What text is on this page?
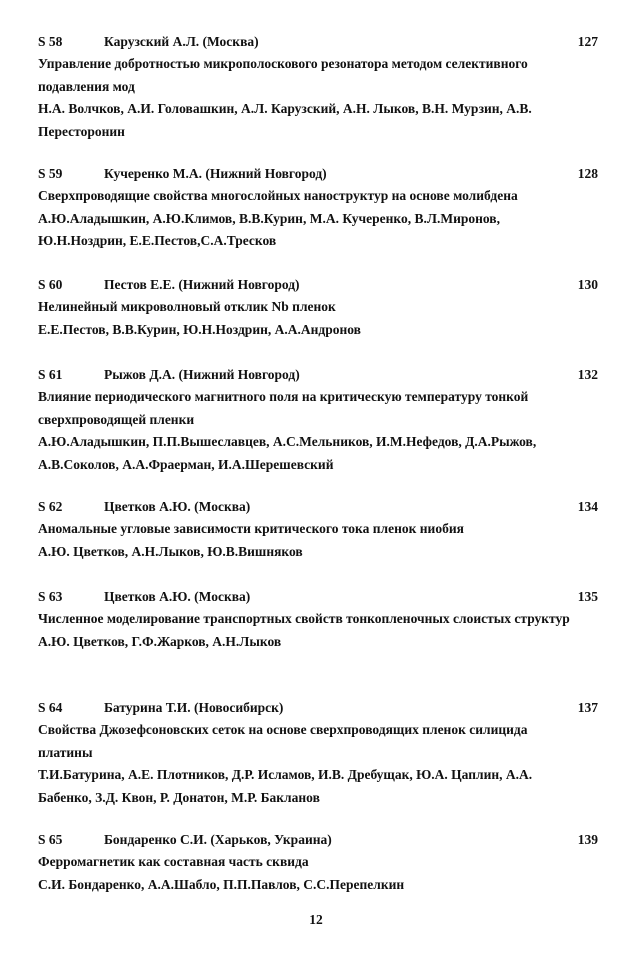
S 58	Карузский А.Л. (Москва)	127
Управление добротностью микрополоскового резонатора методом селективного подавления мод
Н.А. Волчков, А.И. Головашкин, А.Л. Карузский, А.Н. Лыков, В.Н. Мурзин, А.В. Пересторонин
S 59	Кучеренко М.А. (Нижний Новгород)	128
Сверхпроводящие свойства многослойных наноструктур на основе молибдена
А.Ю.Аладышкин, А.Ю.Климов, В.В.Курин, М.А. Кучеренко, В.Л.Миронов, Ю.Н.Ноздрин, Е.Е.Пестов,С.А.Тресков
S 60	Пестов Е.Е. (Нижний Новгород)	130
Нелинейный микроволновый отклик Nb пленок
Е.Е.Пестов, В.В.Курин, Ю.Н.Ноздрин, А.А.Андронов
S 61	Рыжов Д.А. (Нижний Новгород)	132
Влияние периодического магнитного поля на критическую температуру тонкой сверхпроводящей пленки
А.Ю.Аладышкин, П.П.Вышеславцев, А.С.Мельников, И.М.Нефедов, Д.А.Рыжов, А.В.Соколов, А.А.Фраерман, И.А.Шерешевский
S 62	Цветков А.Ю. (Москва)	134
Аномальные угловые зависимости критического тока пленок ниобия
А.Ю. Цветков, А.Н.Лыков, Ю.В.Вишняков
S 63	Цветков А.Ю. (Москва)	135
Численное моделирование транспортных свойств тонкопленочных слоистых структур
А.Ю. Цветков, Г.Ф.Жарков, А.Н.Лыков
S 64	Батурина Т.И. (Новосибирск)	137
Свойства Джозефсоновских сеток на основе сверхпроводящих пленок силицида платины
Т.И.Батурина, А.Е. Плотников, Д.Р. Исламов, И.В. Дребущак, Ю.А. Цаплин, А.А. Бабенко, З.Д. Квон, Р. Донатон, М.Р. Бакланов
S 65	Бондаренко С.И. (Харьков, Украина)	139
Ферромагнетик как составная часть сквида
С.И. Бондаренко, А.А.Шабло, П.П.Павлов, С.С.Перепелкин
12
